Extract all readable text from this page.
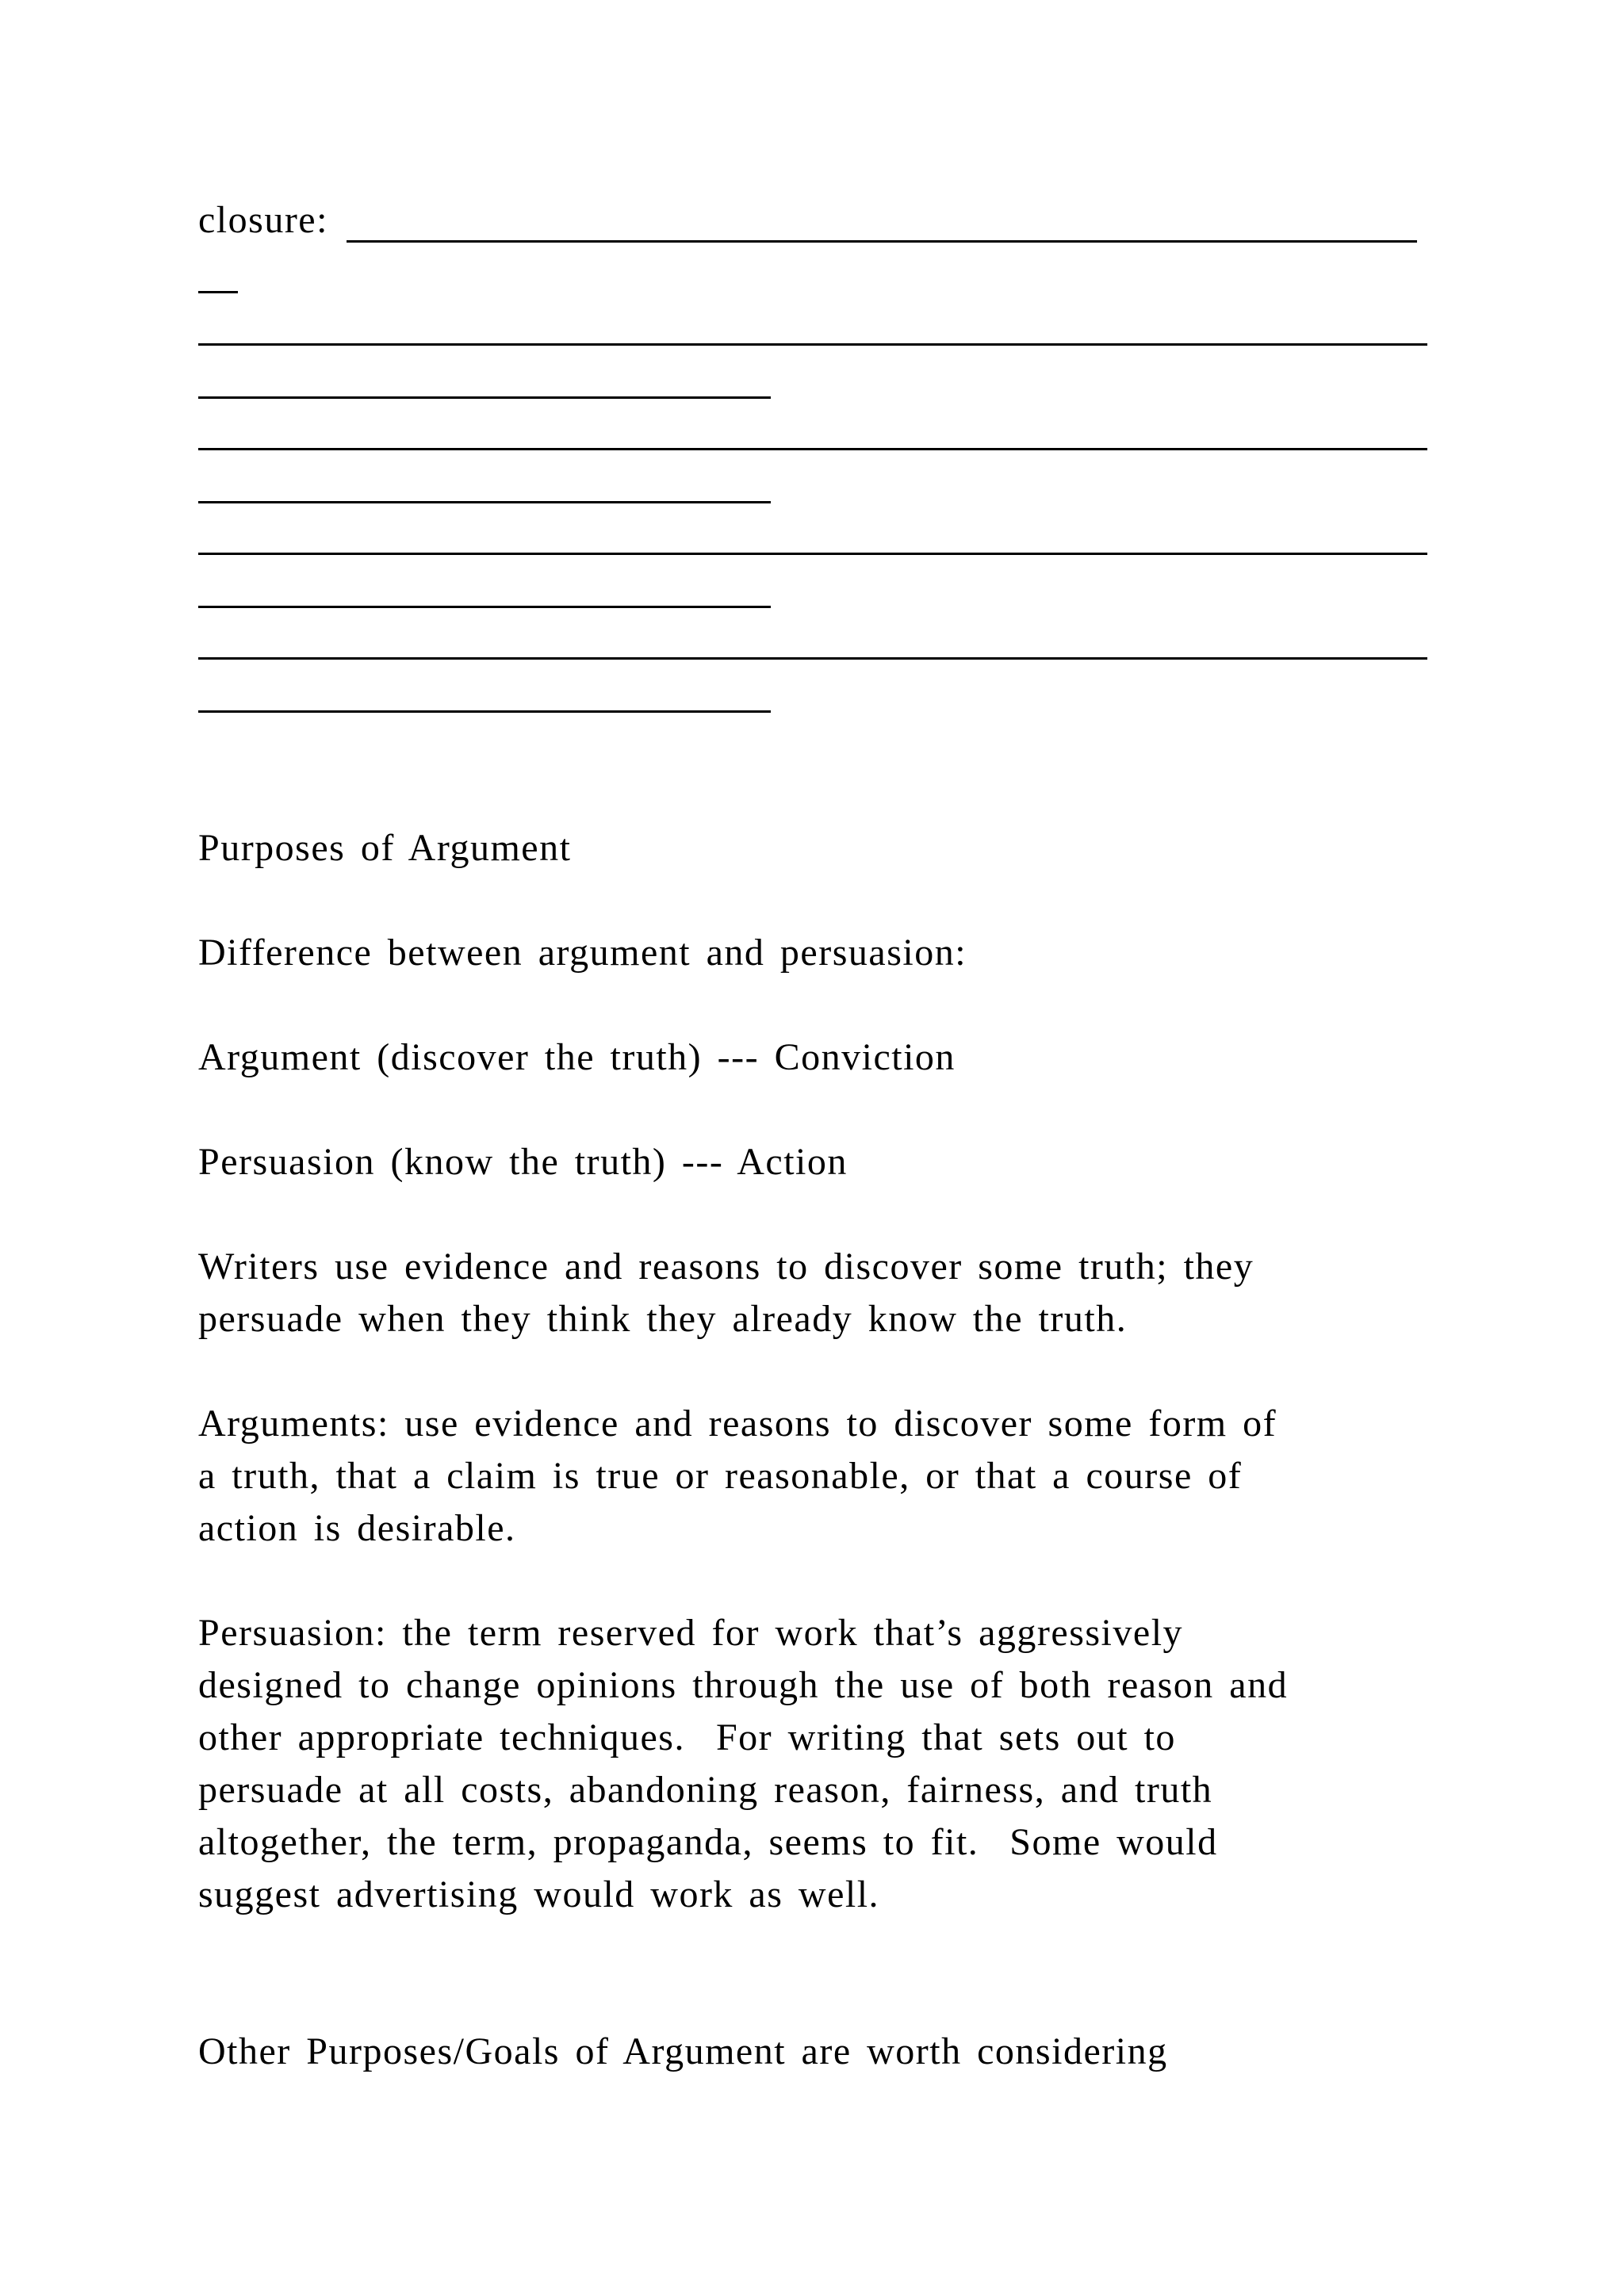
closure:
Purposes of Argument
Difference between argument and persuasion:
Argument (discover the truth) --- Conviction
Persuasion (know the truth) --- Action
Writers use evidence and reasons to discover some truth; they
persuade when they think they already know the truth.
Arguments: use evidence and reasons to discover some form of
a truth, that a claim is true or reasonable, or that a course of
action is desirable.
Persuasion: the term reserved for work that’s aggressively
designed to change opinions through the use of both reason and
other appropriate techniques.  For writing that sets out to
persuade at all costs, abandoning reason, fairness, and truth
altogether, the term, propaganda, seems to fit.  Some would
suggest advertising would work as well.
Other Purposes/Goals of Argument are worth considering
